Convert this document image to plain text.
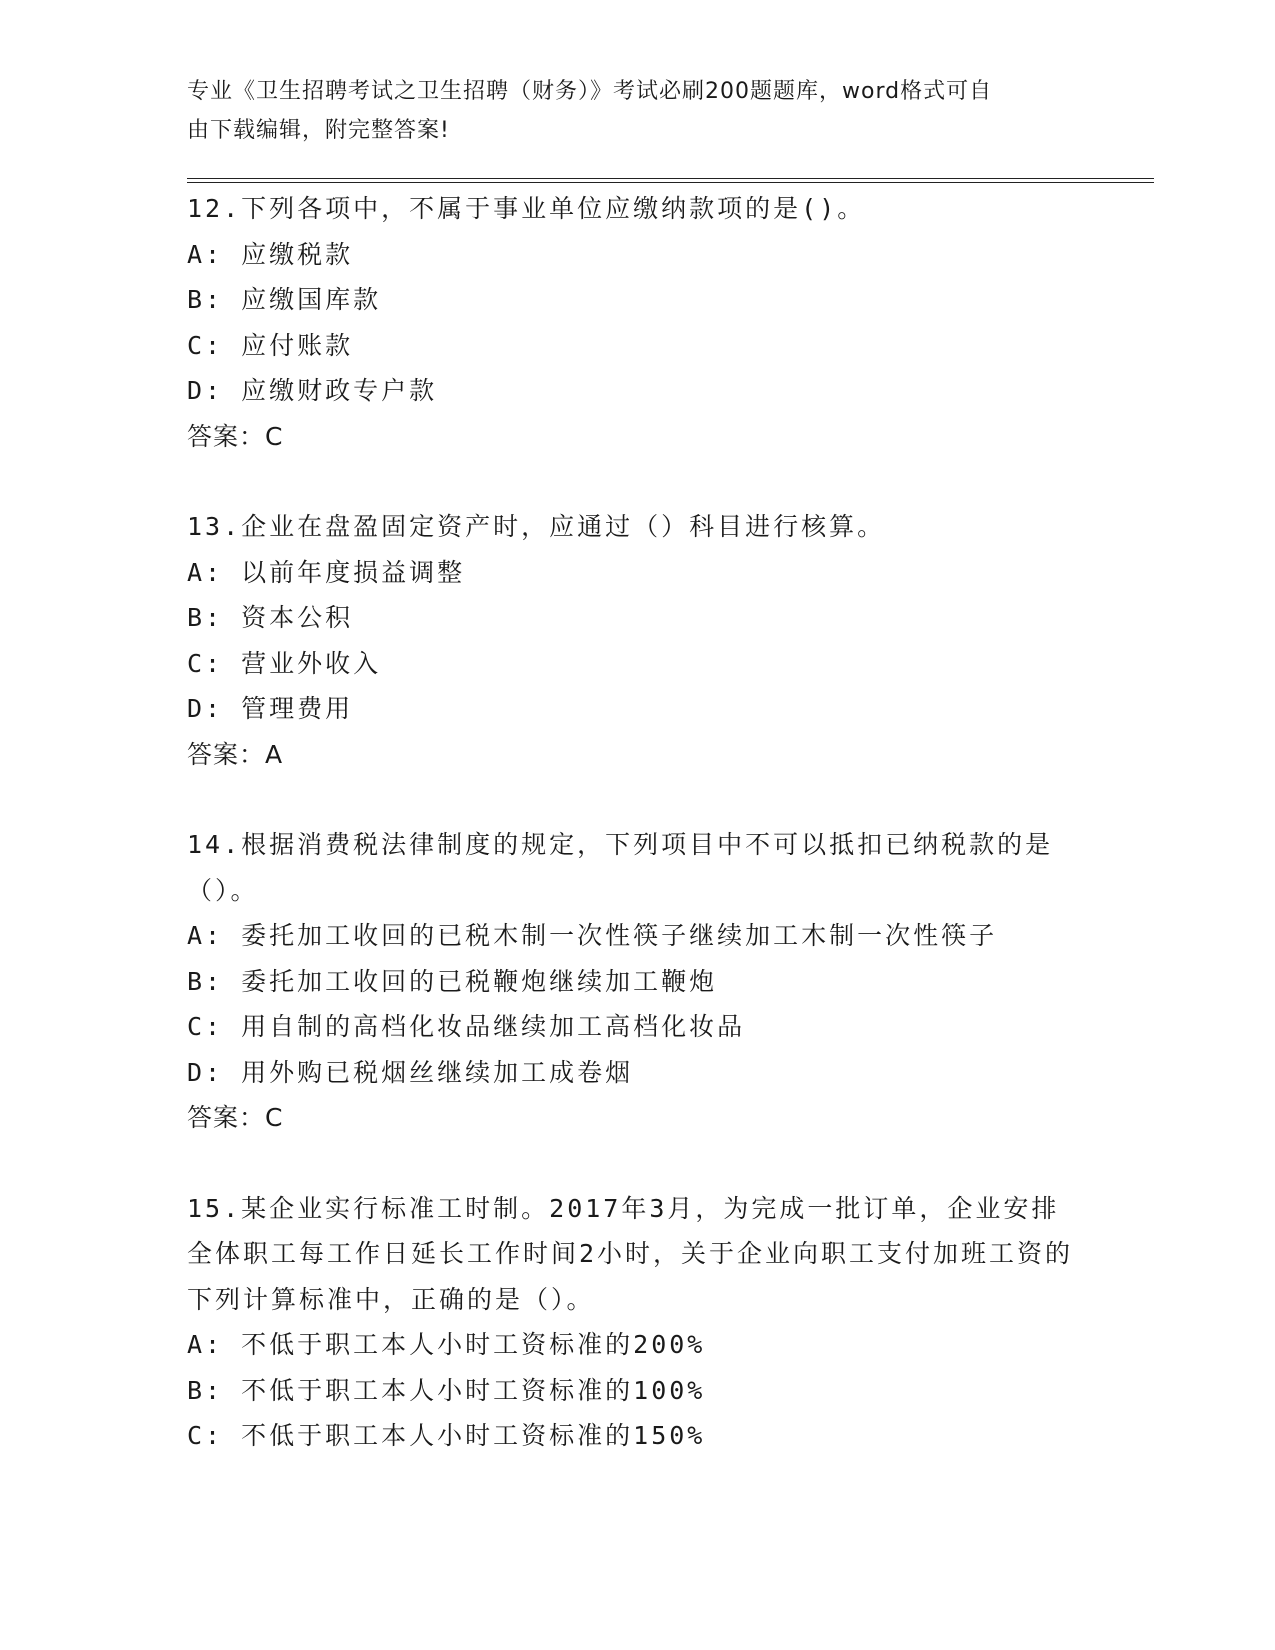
专业《卫生招聘考试之卫生招聘（财务）》考试必刷200题题库，word格式可自
由下载编辑，附完整答案!
12.下列各项中，不属于事业单位应缴纳款项的是()。
A: 应缴税款
B: 应缴国库款
C: 应付账款
D: 应缴财政专户款
答案：C
13.企业在盘盈固定资产时，应通过（）科目进行核算。
A: 以前年度损益调整
B: 资本公积
C: 营业外收入
D: 管理费用
答案：A
14.根据消费税法律制度的规定，下列项目中不可以抵扣已纳税款的是（）。
A: 委托加工收回的已税木制一次性筷子继续加工木制一次性筷子
B: 委托加工收回的已税鞭炮继续加工鞭炮
C: 用自制的高档化妆品继续加工高档化妆品
D: 用外购已税烟丝继续加工成卷烟
答案：C
15.某企业实行标准工时制。2017年3月，为完成一批订单，企业安排全体职工每工作日延长工作时间2小时，关于企业向职工支付加班工资的下列计算标准中，正确的是（）。
A: 不低于职工本人小时工资标准的200%
B: 不低于职工本人小时工资标准的100%
C: 不低于职工本人小时工资标准的150%
